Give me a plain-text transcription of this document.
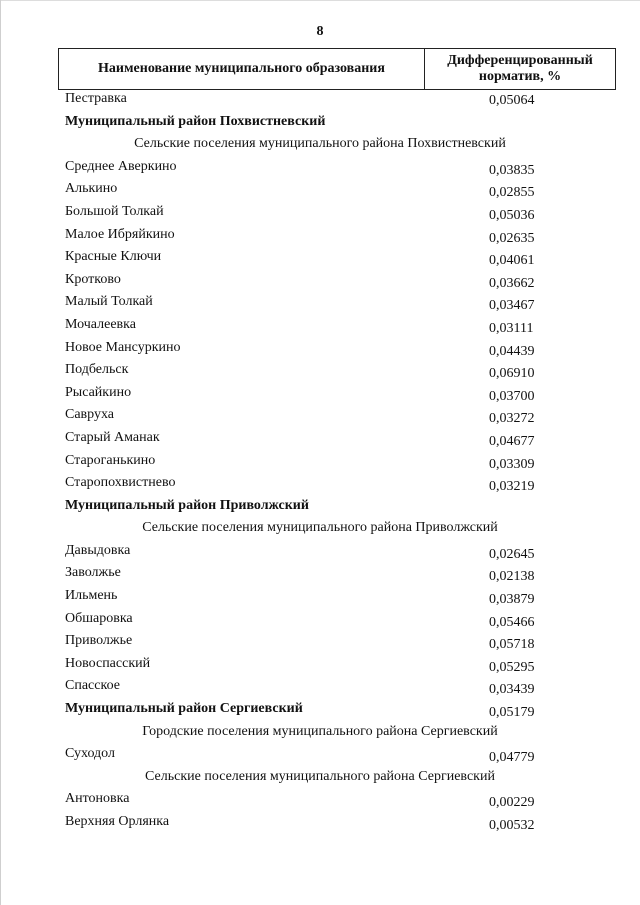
8
Наименование муниципального образования
Дифференцированный
норматив, %
Пестравка	0,05064
Муниципальный район Похвистневский
Сельские поселения муниципального района Похвистневский
Среднее Аверкино	0,03835
Алькино	0,02855
Большой Толкай	0,05036
Малое Ибряйкино	0,02635
Красные Ключи	0,04061
Кротково	0,03662
Малый Толкай	0,03467
Мочалеевка	0,03111
Новое Мансуркино	0,04439
Подбельск	0,06910
Рысайкино	0,03700
Савруха	0,03272
Старый Аманак	0,04677
Староганькино	0,03309
Старопохвистнево	0,03219
Муниципальный район Приволжский
Сельские поселения муниципального района Приволжский
Давыдовка	0,02645
Заволжье	0,02138
Ильмень	0,03879
Обшаровка	0,05466
Приволжье	0,05718
Новоспасский	0,05295
Спасское	0,03439
Муниципальный район Сергиевский	0,05179
Городские поселения муниципального района Сергиевский
Суходол	0,04779
Сельские поселения муниципального района Сергиевский
Антоновка	0,00229
Верхняя Орлянка	0,00532
